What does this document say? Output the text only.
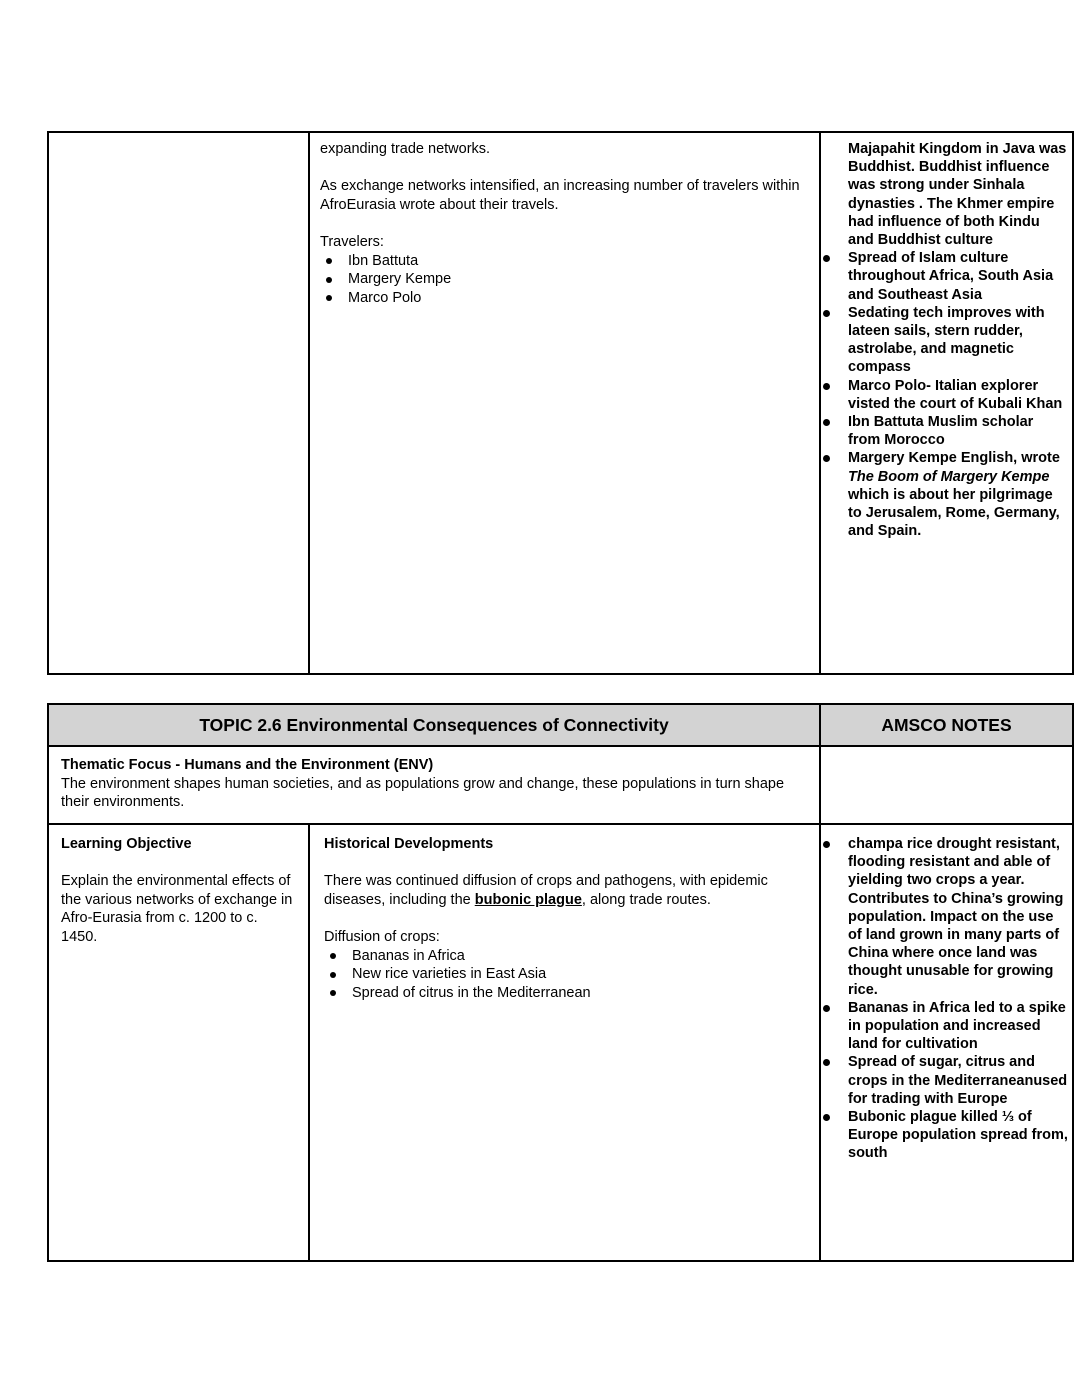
expanding trade networks.

As exchange networks intensified, an increasing number of travelers within AfroEurasia wrote about their travels.

Travelers:

Ibn Battuta
Margery Kempe
Marco Polo
Majapahit Kingdom in Java was Buddhist. Buddhist influence was strong under Sinhala dynasties . The Khmer empire had influence of both Kindu and Buddhist culture
Spread of Islam culture throughout Africa, South Asia and Southeast Asia
Sedating tech improves with lateen sails, stern rudder, astrolabe, and magnetic compass
Marco Polo- Italian explorer visted the court of Kubali Khan
Ibn Battuta Muslim scholar from Morocco
Margery Kempe English, wrote The Boom of Margery Kempe which is about her pilgrimage to Jerusalem, Rome, Germany, and Spain.
TOPIC 2.6 Environmental Consequences of Connectivity	AMSCO NOTES
Thematic Focus - Humans and the Environment (ENV)
The environment shapes human societies, and as populations grow and change, these populations in turn shape their environments.

Learning Objective

Explain the environmental effects of the various networks of exchange in Afro-Eurasia from c. 1200 to c. 1450.

Historical Developments

There was continued diffusion of crops and pathogens, with epidemic diseases, including the bubonic plague, along trade routes.

Diffusion of crops:

Bananas in Africa
New rice varieties in East Asia
Spread of citrus in the Mediterranean
champa rice drought resistant, flooding resistant and able of yielding two crops a year. Contributes to China’s growing population. Impact on the use of land grown in many parts of China where once land was thought unusable for growing rice.
Bananas in Africa led to a spike in population and increased land for cultivation
Spread of sugar, citrus and crops in the Mediterraneanused for trading with Europe
Bubonic plague killed ⅓ of Europe population spread from, south
